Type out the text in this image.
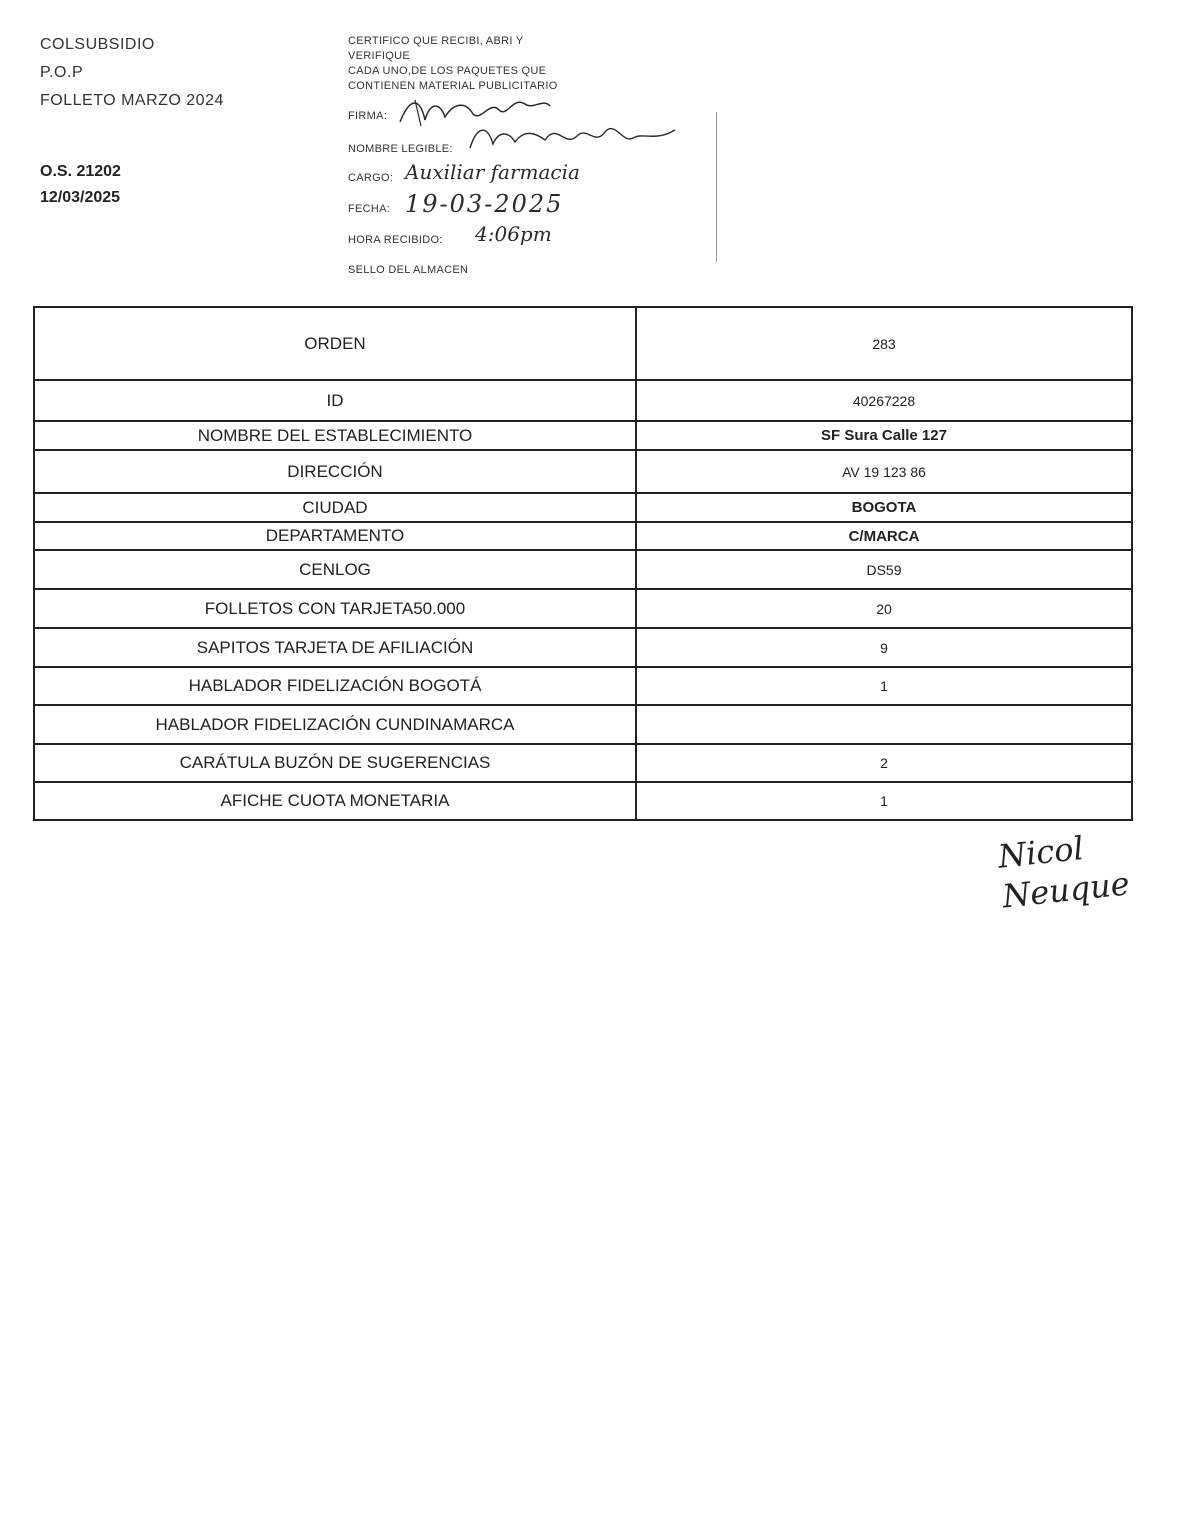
COLSUBSIDIO
P.O.P
FOLLETO MARZO 2024
O.S. 21202
12/03/2025
CERTIFICO QUE RECIBI, ABRI Y
VERIFIQUE
CADA UNO,DE LOS PAQUETES QUE
CONTIENEN MATERIAL PUBLICITARIO
FIRMA:
NOMBRE LEGIBLE:
CARGO: Auxiliar farmacia
FECHA: 19-03-2025
HORA RECIBIDO: 4:06pm
SELLO DEL ALMACEN
ORDEN	283
ID	40267228
NOMBRE DEL ESTABLECIMIENTO	SF Sura Calle 127
DIRECCIÓN	AV 19 123 86
CIUDAD	BOGOTA
DEPARTAMENTO	C/MARCA
CENLOG	DS59
FOLLETOS CON TARJETA50.000	20
SAPITOS TARJETA DE AFILIACIÓN	9
HABLADOR FIDELIZACIÓN BOGOTÁ	1
HABLADOR FIDELIZACIÓN CUNDINAMARCA	
CARÁTULA BUZÓN DE SUGERENCIAS	2
AFICHE CUOTA MONETARIA	1
Nicol
Neuque
